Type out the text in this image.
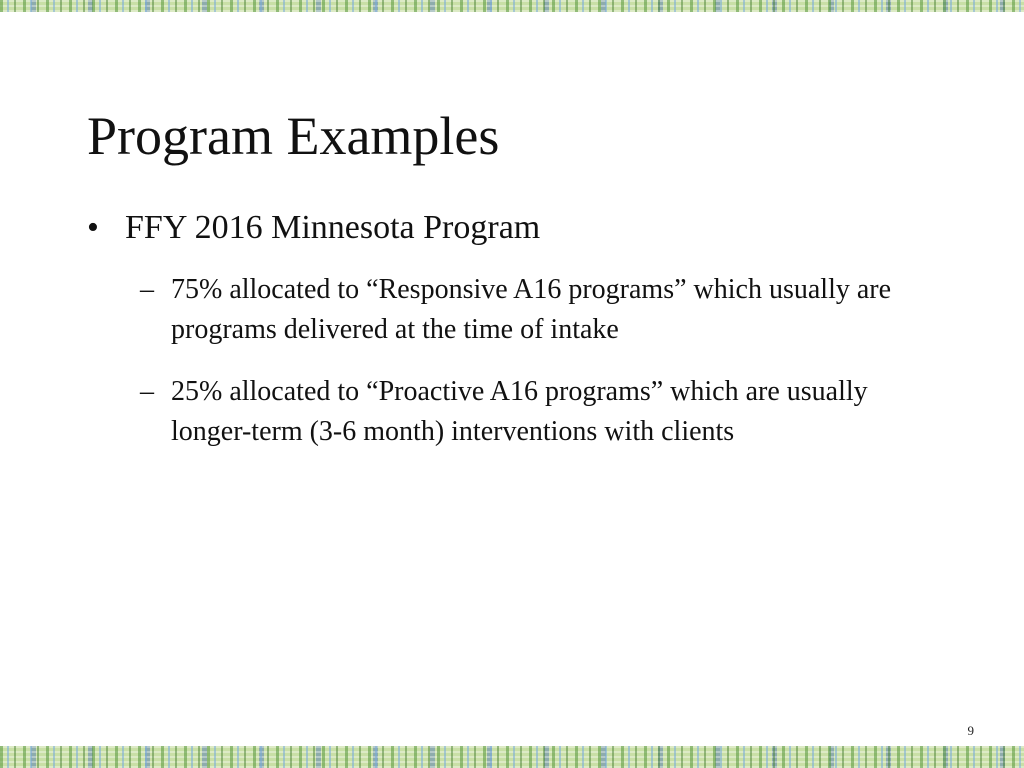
Program Examples
• FFY 2016 Minnesota Program
– 75% allocated to “Responsive A16 programs” which usually are programs delivered at the time of intake
– 25% allocated to “Proactive A16 programs” which are usually longer-term (3-6 month) interventions with clients
9
